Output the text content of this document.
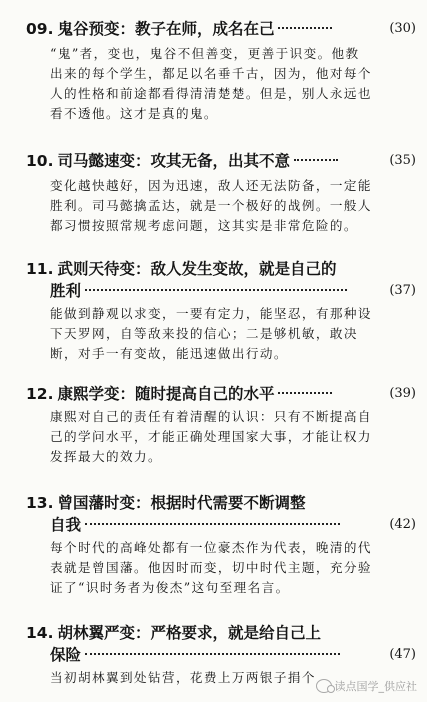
09. 鬼谷预变：教子在师，成名在己	(30)
“鬼”者，变也，鬼谷不但善变，更善于识变。他教
出来的每个学生，都足以名垂千古，因为，他对每个
人的性格和前途都看得清清楚楚。但是，别人永远也
看不透他。这才是真的鬼。
10. 司马懿速变：攻其无备，出其不意	(35)
变化越快越好，因为迅速，敌人还无法防备，一定能
胜利。司马懿擒孟达，就是一个极好的战例。一般人
都习惯按照常规考虑问题，这其实是非常危险的。
11. 武则天待变：敌人发生变故，就是自己的
胜利	(37)
能做到静观以求变，一要有定力，能坚忍，有那种设
下天罗网，自等敌来投的信心；二是够机敏，敢决
断，对手一有变故，能迅速做出行动。
12. 康熙学变：随时提高自己的水平	(39)
康熙对自己的责任有着清醒的认识：只有不断提高自
己的学问水平，才能正确处理国家大事，才能让权力
发挥最大的效力。
13. 曾国藩时变：根据时代需要不断调整
自我	(42)
每个时代的高峰处都有一位豪杰作为代表，晚清的代
表就是曾国藩。他因时而变，切中时代主题，充分验
证了“识时务者为俊杰”这句至理名言。
14. 胡林翼严变：严格要求，就是给自己上
保险	(47)
当初胡林翼到处钻营，花费上万两银子捐个
读点国学_供应社
